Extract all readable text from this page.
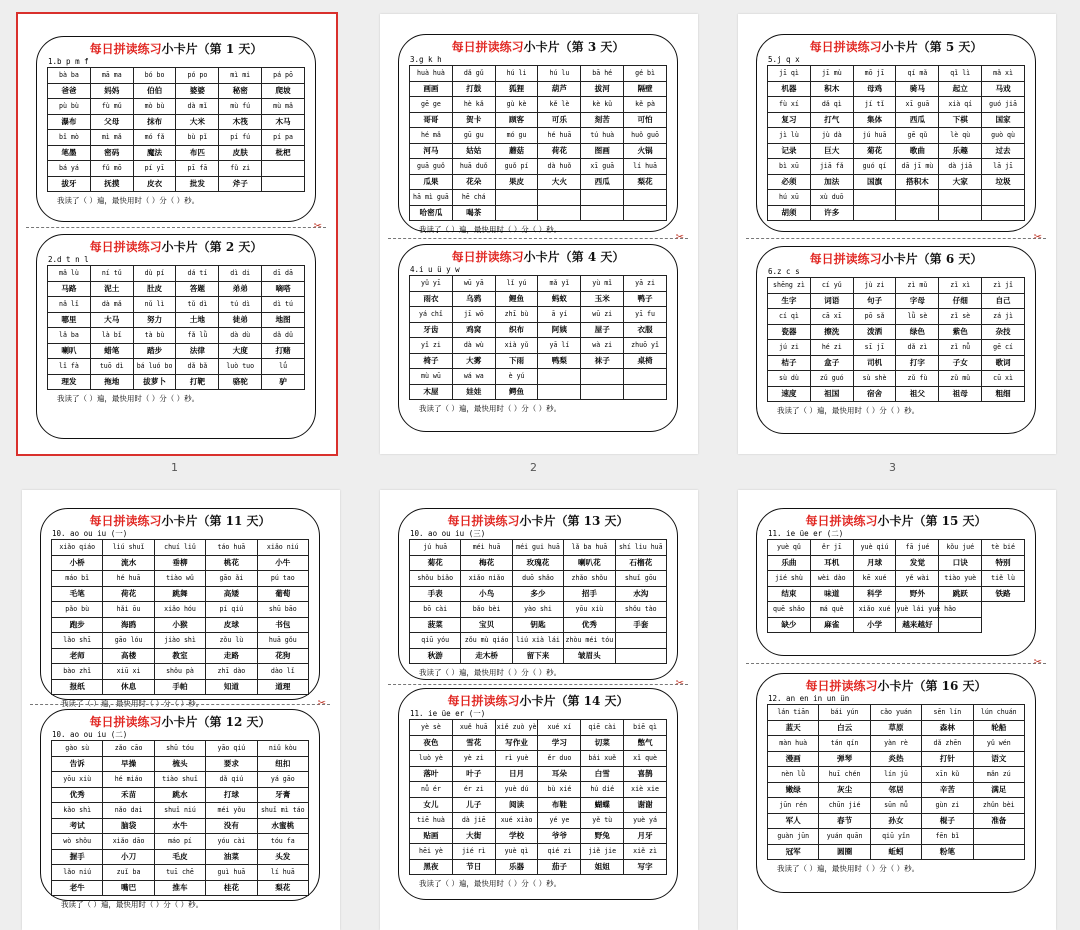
每日拼读练习小卡片（第 1 天）
1.b p m f
bà ba	mā ma	bó bo	pó po	mì mi	pá pō
爸爸	妈妈	伯伯	婆婆	秘密	爬坡
pù bù	fù mǔ	mò bù	dà mǐ	mù fú	mù mǎ
瀑布	父母	抹布	大米	木筏	木马
bǐ mò	mì mǎ	mó fǎ	bù pǐ	pí fú	pí pa
笔墨	密码	魔法	布匹	皮肤	枇杷
bá yá	fǔ mō	pí yī	pī fā	fǔ zi	
拔牙	抚摸	皮衣	批发	斧子	
我读了（ ）遍，最快用时（ ）分（ ）秒。
✂
每日拼读练习小卡片（第 2 天）
2.d t n l
mǎ lù	ní tǔ	dù pí	dá tí	dì di	dī dā
马路	泥土	肚皮	答题	弟弟	嘀嗒
nǎ lǐ	dà mǎ	nǔ lì	tǔ dì	tú dì	dì tú
哪里	大马	努力	土地	徒弟	地图
lǎ ba	là bǐ	tà bù	fǎ lǜ	dà dù	dǎ dǔ
喇叭	蜡笔	踏步	法律	大度	打赌
lǐ fà	tuō dì	bá luó bo	dǎ bǎ	luò tuo	lǘ
理发	拖地	拔萝卜	打靶	骆驼	驴
我读了（ ）遍，最快用时（ ）分（ ）秒。
1
每日拼读练习小卡片（第 3 天）
3.g k h
huà huà	dǎ gǔ	hú li	hú lu	bā hé	gé bì
画画	打鼓	狐狸	葫芦	拔河	隔壁
gē ge	hè kǎ	gù kè	kě lè	kè kǔ	kě pà
哥哥	贺卡	顾客	可乐	刻苦	可怕
hé mǎ	gū gu	mó gu	hé huā	tú huà	huǒ guō
河马	姑姑	蘑菇	荷花	图画	火锅
guā guǒ	huā duǒ	guǒ pí	dà huǒ	xī guā	lí huā
瓜果	花朵	果皮	大火	西瓜	梨花
hā mì guā	hē chá				
哈密瓜	喝茶				
我读了（ ）遍，最快用时（ ）分（ ）秒。
✂
每日拼读练习小卡片（第 4 天）
4.i u ü y w
yǔ yī	wū yā	lǐ yú	mǎ yǐ	yù mǐ	yā zi
雨衣	乌鸦	鲤鱼	蚂蚁	玉米	鸭子
yá chǐ	jī wō	zhī bù	ā yí	wū zi	yī fu
牙齿	鸡窝	织布	阿姨	屋子	衣服
yǐ zi	dà wù	xià yǔ	yā lí	wà zi	zhuō yǐ
椅子	大雾	下雨	鸭梨	袜子	桌椅
mù wū	wá wa	è yú			
木屋	娃娃	鳄鱼			
我读了（ ）遍，最快用时（ ）分（ ）秒。
2
每日拼读练习小卡片（第 5 天）
5.j q x
jī qì	jī mù	mō jī	qí mǎ	qǐ lì	mǎ xì
机器	积木	母鸡	骑马	起立	马戏
fù xí	dǎ qì	jí tǐ	xī guā	xià qí	guó jiā
复习	打气	集体	西瓜	下棋	国家
jì lù	jù dà	jú huā	gē qǔ	lè qù	guò qù
记录	巨大	菊花	歌曲	乐趣	过去
bì xū	jiā fǎ	guó qí	dā jī mù	dà jiā	lā jī
必须	加法	国旗	搭积木	大家	垃圾
hú xū	xù duō				
胡须	许多				
✂
每日拼读练习小卡片（第 6 天）
6.z c s
shēng zì	cí yǔ	jù zi	zì mǔ	zǐ xì	zì jǐ
生字	词语	句子	字母	仔细	自己
cí qì	cā xī	pō sǎ	lǜ sè	zǐ sè	zá jì
瓷器	擦洗	泼洒	绿色	紫色	杂技
jú zi	hé zi	sī jī	dǎ zì	zǐ nǚ	gē cí
桔子	盒子	司机	打字	子女	歌词
sù dù	zǔ guó	sù shè	zǔ fù	zǔ mǔ	cū xì
速度	祖国	宿舍	祖父	祖母	粗细
我读了（ ）遍，最快用时（ ）分（ ）秒。
3
每日拼读练习小卡片（第 11 天）
10. ao ou iu (一)
xiǎo qiáo	liú shuǐ	chuí liǔ	táo huā	xiǎo niú
小桥	流水	垂柳	桃花	小牛
máo bǐ	hé huā	tiào wǔ	gāo ǎi	pú tao
毛笔	荷花	跳舞	高矮	葡萄
pǎo bù	hǎi ōu	xiǎo hóu	pí qiú	shū bāo
跑步	海鸥	小猴	皮球	书包
lǎo shī	gāo lóu	jiào shì	zǒu lù	huā gǒu
老师	高楼	教室	走路	花狗
bào zhǐ	xiū xi	shǒu pà	zhī dào	dào lǐ
报纸	休息	手帕	知道	道理
我读了（ ）遍，最快用时（ ）分（ ）秒。	✂
每日拼读练习小卡片（第 12 天）
10. ao ou iu (二)
gào sù	zǎo cāo	shū tóu	yāo qiú	niǔ kòu
告诉	早操	梳头	要求	纽扣
yōu xiù	hé miáo	tiào shuǐ	dǎ qiú	yá gāo
优秀	禾苗	跳水	打球	牙膏
kǎo shì	nǎo dai	shuǐ niú	méi yǒu	shuǐ mì táo
考试	脑袋	水牛	没有	水蜜桃
wò shǒu	xiǎo dāo	máo pí	yóu cài	tóu fa
握手	小刀	毛皮	油菜	头发
lǎo niú	zuǐ ba	tuī chē	guì huā	lí huā
老牛	嘴巴	推车	桂花	梨花
我读了（ ）遍，最快用时（ ）分（ ）秒。
每日拼读练习小卡片（第 13 天）
10. ao ou iu (三)
jú huā	méi huā	méi gui huā	lǎ ba huā	shí liu huā
菊花	梅花	玫瑰花	喇叭花	石榴花
shǒu biǎo	xiǎo niǎo	duō shǎo	zhǎo shǒu	shuǐ gōu
手表	小鸟	多少	招手	水沟
bō cài	bǎo bèi	yào shi	yōu xiù	shǒu tào
菠菜	宝贝	钥匙	优秀	手套
qiū yóu	zǒu mù qiáo	liú xià lái	zhòu méi tóu	
秋游	走木桥	留下来	皱眉头	
我读了（ ）遍，最快用时（ ）分（ ）秒。
✂
每日拼读练习小卡片（第 14 天）
11. ie üe er (一)
yè sè	xuě huā	xiě zuò yè	xué xí	qiē cài	biē qì
夜色	雪花	写作业	学习	切菜	憋气
luò yè	yè zi	rì yuè	ěr duo	bái xuě	xǐ què
落叶	叶子	日月	耳朵	白雪	喜鹊
nǚ ér	ér zi	yuè dú	bù xié	hú dié	xiè xie
女儿	儿子	阅读	布鞋	蝴蝶	谢谢
tiē huà	dà jiē	xué xiào	yé ye	yě tù	yuè yá
贴画	大街	学校	爷爷	野兔	月牙
hēi yè	jié rì	yuè qì	qié zi	jiě jie	xiě zì
黑夜	节日	乐器	茄子	姐姐	写字
我读了（ ）遍，最快用时（ ）分（ ）秒。
每日拼读练习小卡片（第 15 天）
11. ie üe er (二)
yuè qǔ	ěr jī	yuè qiú	fā jué	kǒu jué	tè bié
乐曲	耳机	月球	发觉	口诀	特别
jié shù	wèi dào	kē xué	yě wài	tiào yuè	tiě lù
结束	味道	科学	野外	跳跃	铁路
quē shǎo	má què	xiǎo xué	yuè lái yuè hǎo		
缺少	麻雀	小学	越来越好		
✂
每日拼读练习小卡片（第 16 天）
12. an en in un ün
lán tiān	bái yún	cǎo yuán	sēn lín	lún chuán
蓝天	白云	草原	森林	轮船
màn huà	tán qín	yàn rè	dǎ zhēn	yǔ wén
漫画	弹琴	炎热	打针	语文
nèn lǜ	huī chén	lín jū	xīn kǔ	mǎn zú
嫩绿	灰尘	邻居	辛苦	满足
jūn rén	chūn jié	sūn nǚ	gùn zi	zhǔn bèi
军人	春节	孙女	棍子	准备
guàn jūn	yuán quān	qiū yǐn	fēn bǐ	
冠军	圆圈	蚯蚓	粉笔	
我读了（ ）遍，最快用时（ ）分（ ）秒。
